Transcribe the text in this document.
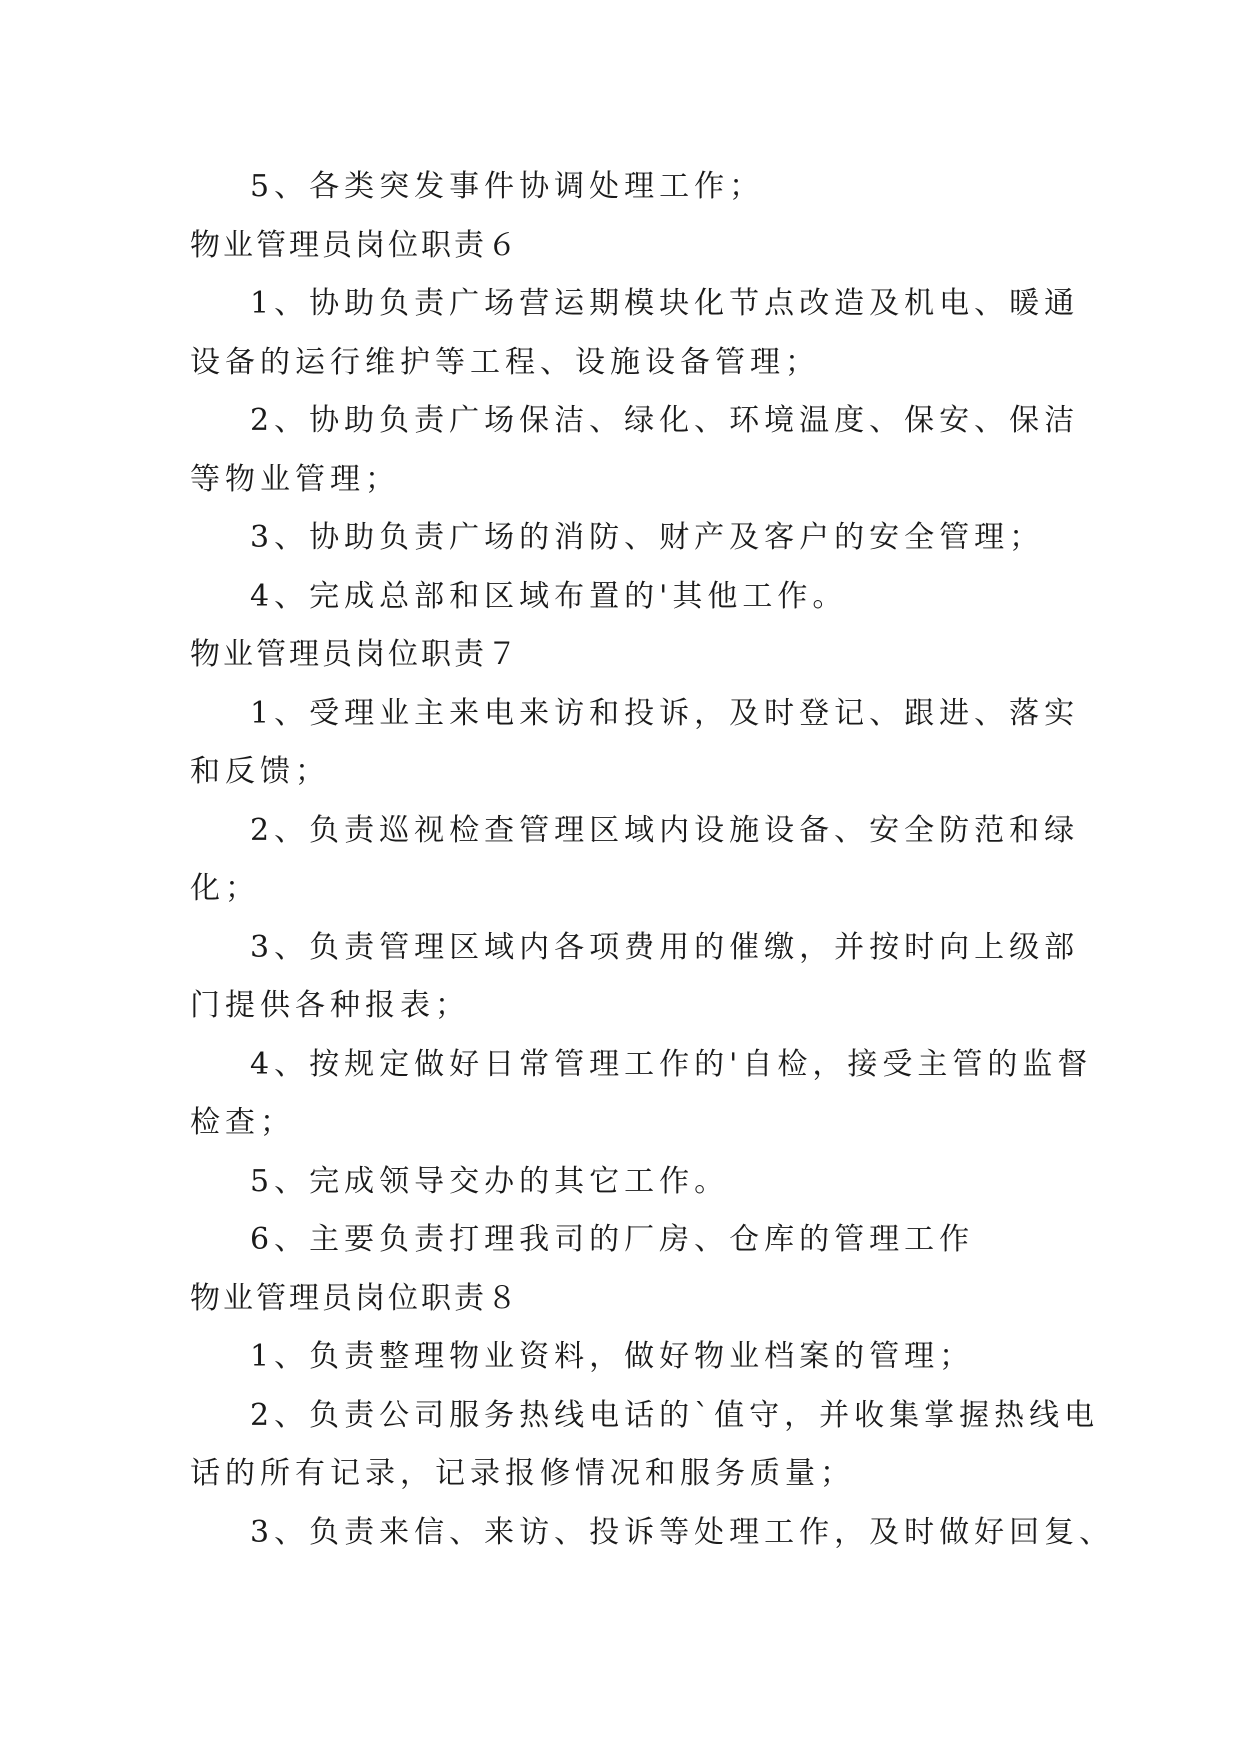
5、各类突发事件协调处理工作；
物业管理员岗位职责６
1、协助负责广场营运期模块化节点改造及机电、暖通
设备的运行维护等工程、设施设备管理；
2、协助负责广场保洁、绿化、环境温度、保安、保洁
等物业管理；
3、协助负责广场的消防、财产及客户的安全管理；
4、完成总部和区域布置的'其他工作。
物业管理员岗位职责７
1、受理业主来电来访和投诉，及时登记、跟进、落实
和反馈；
2、负责巡视检查管理区域内设施设备、安全防范和绿
化；
3、负责管理区域内各项费用的催缴，并按时向上级部
门提供各种报表；
4、按规定做好日常管理工作的'自检，接受主管的监督
检查；
5、完成领导交办的其它工作。
6、主要负责打理我司的厂房、仓库的管理工作
物业管理员岗位职责８
1、负责整理物业资料，做好物业档案的管理；
2、负责公司服务热线电话的`值守，并收集掌握热线电
话的所有记录，记录报修情况和服务质量；
3、负责来信、来访、投诉等处理工作，及时做好回复、
